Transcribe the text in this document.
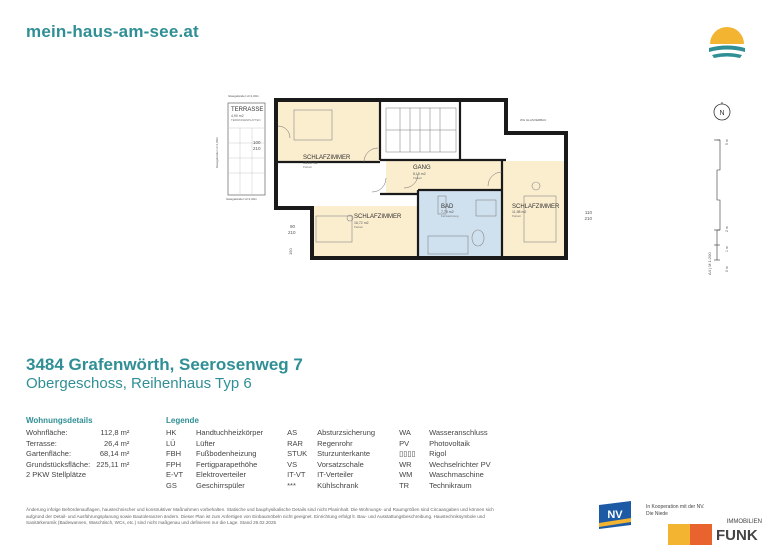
mein-haus-am-see.at
Glasgeländer H=1,00m
Glasgeländer H=1,00m
Glasgeländer H=1,00m
WG GLASVERBAU
90
210
110
210
100
210
150
TERRASSE
4,90 m2
TERRASSENPLATTEN
SCHLAFZIMMER
15,03 m2
Parkett	GANG
8,19 m2
Parkett
BAD
7,79 m2
Feinsteinzeug
SCHLAFZIMMER
16,72 m2
Parkett
SCHLAFZIMMER
11,98 m2
Parkett
N
A4 | M 1:200	0 m
1 m
2 m
5 m
3484 Grafenwörth, Seerosenweg 7
Obergeschoss, Reihenhaus Typ 6
Wohnungsdetails
Wohnfläche:	112,8 m²
Terrasse:	26,4 m²
Gartenfläche:	68,14 m²
Grundstücksfläche:	225,11 m²
2 PKW Stellplätze	
Legende
HK	Handtuchheizkörper
LÜ	Lüfter
FBH	Fußbodenheizung
FPH	Fertigparapethöhe
E-VT	Elektroverteiler
GS	Geschirrspüler
AS	Absturzsicherung
RAR	Regenrohr
STUK	Sturzunterkante
VS	Vorsatzschale
IT-VT	IT-Verteiler
***	Kühlschrank
WA	Wasseranschluss
PV	Photovoltaik
▯▯▯▯	Rigol
WR	Wechselrichter PV
WM	Waschmaschine
TR	Technikraum
Änderung infolge Behördenauflagen, haustechnischer und konstruktiver Maßnahmen vorbehalten. Statische und bauphysikalische Details sind nicht Planinhalt. Die Wohnungs- und Raumgrößen sind Circaangaben und können sich aufgrund der Detail- und Ausführungsplanung sowie Bautoleranzen ändern. Dieser Plan ist zum Anfertigen von Einbaumöbeln nicht geeignet. Einrichtung erfolgt lt. Bau- und Ausstattungsbeschreibung. Haustechniksymbole und Sanitärkeramik (Badewannen, Waschtisch, WCs, etc.) sind nicht maßgenau und definieren nur die Lage. Stand 26.02.2025
NV
In Kooperation mit der NV.
Die Niede
IMMOBILIEN
FUNK
